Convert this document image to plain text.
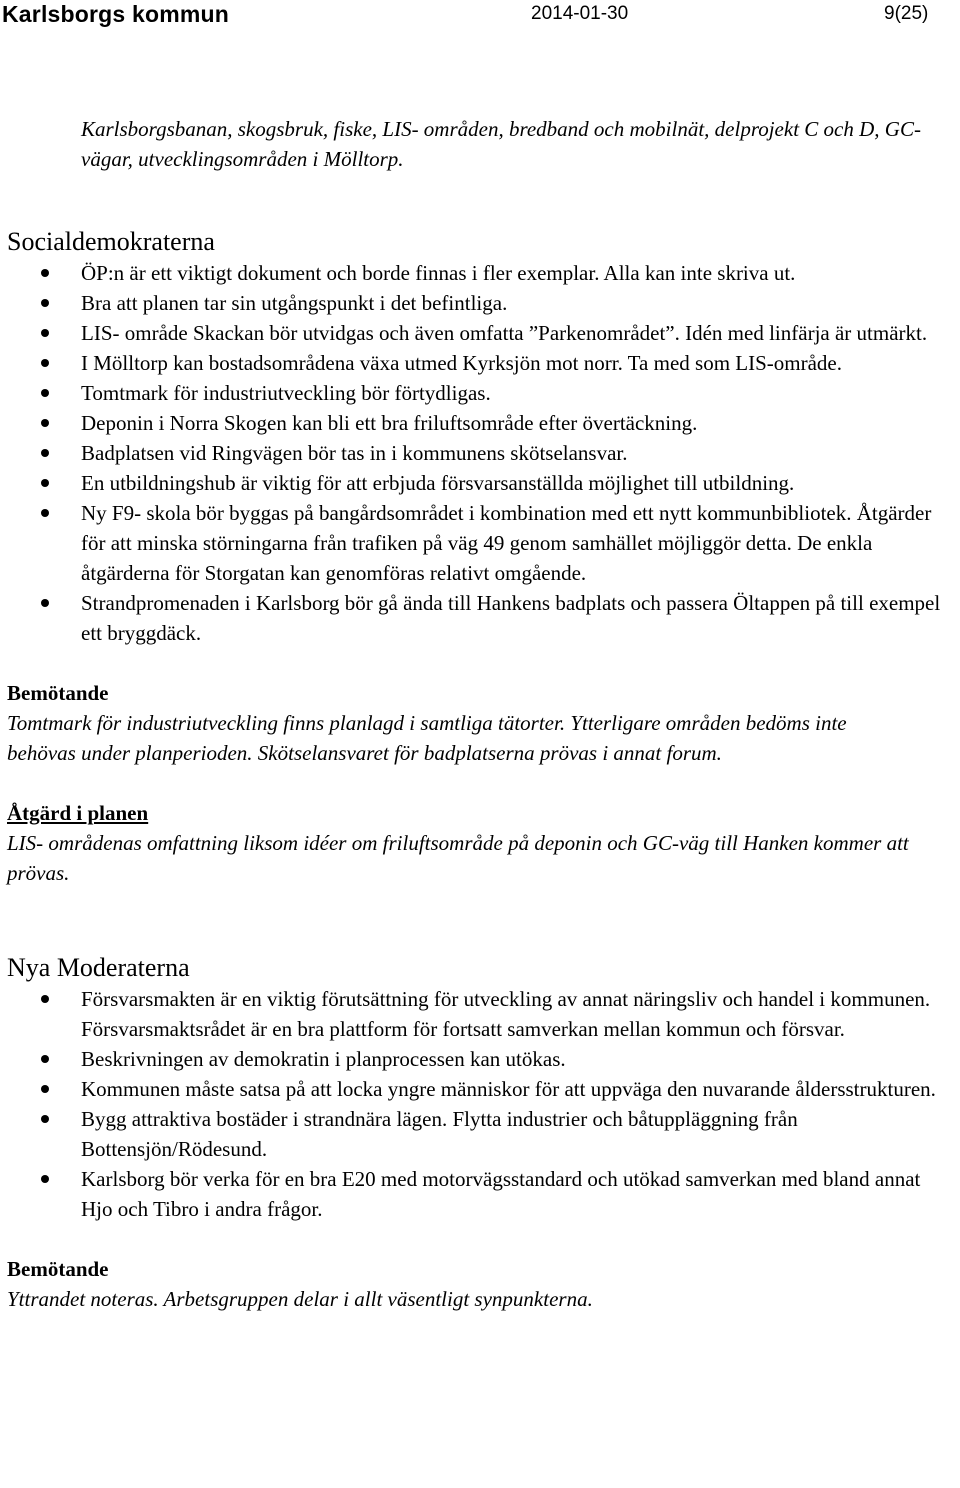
Karlsborgs kommun	2014-01-30	9(25)

Karlsborgsbanan, skogsbruk, fiske, LIS- områden, bredband och mobilnät, delprojekt C och D, GC-vägar, utvecklingsområden i Mölltorp.

Socialdemokraterna
ÖP:n är ett viktigt dokument och borde finnas i fler exemplar. Alla kan inte skriva ut.
Bra att planen tar sin utgångspunkt i det befintliga.
LIS- område Skackan bör utvidgas och även omfatta ”Parkenområdet”. Idén med linfärja är utmärkt.
I Mölltorp kan bostadsområdena växa utmed Kyrksjön mot norr. Ta med som LIS-område.
Tomtmark för industriutveckling bör förtydligas.
Deponin i Norra Skogen kan bli ett bra friluftsområde efter övertäckning.
Badplatsen vid Ringvägen bör tas in i kommunens skötselansvar.
En utbildningshub är viktig för att erbjuda försvarsanställda möjlighet till utbildning.
Ny F9- skola bör byggas på bangårdsområdet i kombination med ett nytt kommunbibliotek. Åtgärder för att minska störningarna från trafiken på väg 49 genom samhället möjliggör detta. De enkla åtgärderna för Storgatan kan genomföras relativt omgående.
Strandpromenaden i Karlsborg bör gå ända till Hankens badplats och passera Öltappen på till exempel ett bryggdäck.

Bemötande

Tomtmark för industriutveckling finns planlagd i samtliga tätorter. Ytterligare områden bedöms inte behövas under planperioden. Skötselansvaret för badplatserna prövas i annat forum.

Åtgärd i planen

LIS- områdenas omfattning liksom idéer om friluftsområde på deponin och GC-väg till Hanken kommer att prövas.

Nya Moderaterna
Försvarsmakten är en viktig förutsättning för utveckling av annat näringsliv och handel i kommunen. Försvarsmaktsrådet är en bra plattform för fortsatt samverkan mellan kommun och försvar.
Beskrivningen av demokratin i planprocessen kan utökas.
Kommunen måste satsa på att locka yngre människor för att uppväga den nuvarande åldersstrukturen.
Bygg attraktiva bostäder i strandnära lägen. Flytta industrier och båtuppläggning från Bottensjön/Rödesund.
Karlsborg bör verka för en bra E20 med motorvägsstandard och utökad samverkan med bland annat Hjo och Tibro i andra frågor.

Bemötande

Yttrandet noteras. Arbetsgruppen delar i allt väsentligt synpunkterna.
